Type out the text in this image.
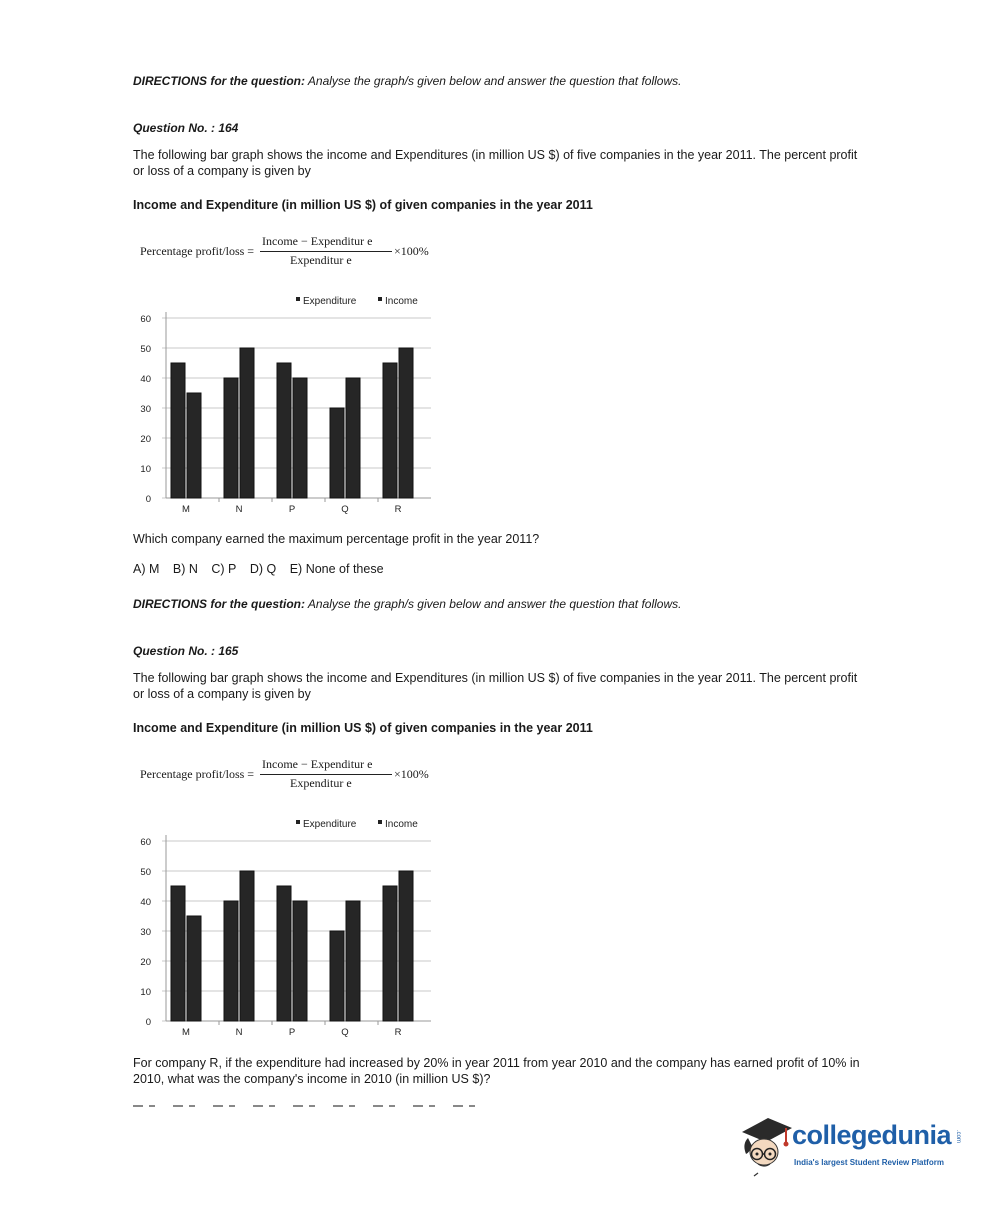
DIRECTIONS for the question: Analyse the graph/s given below and answer the question that follows.
Question No. : 164
The following bar graph shows the income and Expenditures (in million US $) of five companies in the year 2011. The percent profit or loss of a company is given by
Income and Expenditure (in million US $) of given companies in the year 2011
Percentage profit/loss =
Income − Expenditur e
Expenditur e
×100%
0
10
20
30
40
50
60
M	N	P	Q	R
Expenditure	Income
Which company earned the maximum percentage profit in the year 2011?
A) M B) N C) P D) Q E) None of these
DIRECTIONS for the question: Analyse the graph/s given below and answer the question that follows.
Question No. : 165
The following bar graph shows the income and Expenditures (in million US $) of five companies in the year 2011. The percent profit or loss of a company is given by
Income and Expenditure (in million US $) of given companies in the year 2011
Percentage profit/loss =
Income − Expenditur e
Expenditur e
×100%
0
10
20
30
40
50
60
M	N	P	Q	R
Expenditure	Income
For company R, if the expenditure had increased by 20% in year 2011 from year 2010 and the company has earned profit of 10% in 2010, what was the company's income in 2010 (in million US $)?
collegedunia .com
India's largest Student Review Platform
